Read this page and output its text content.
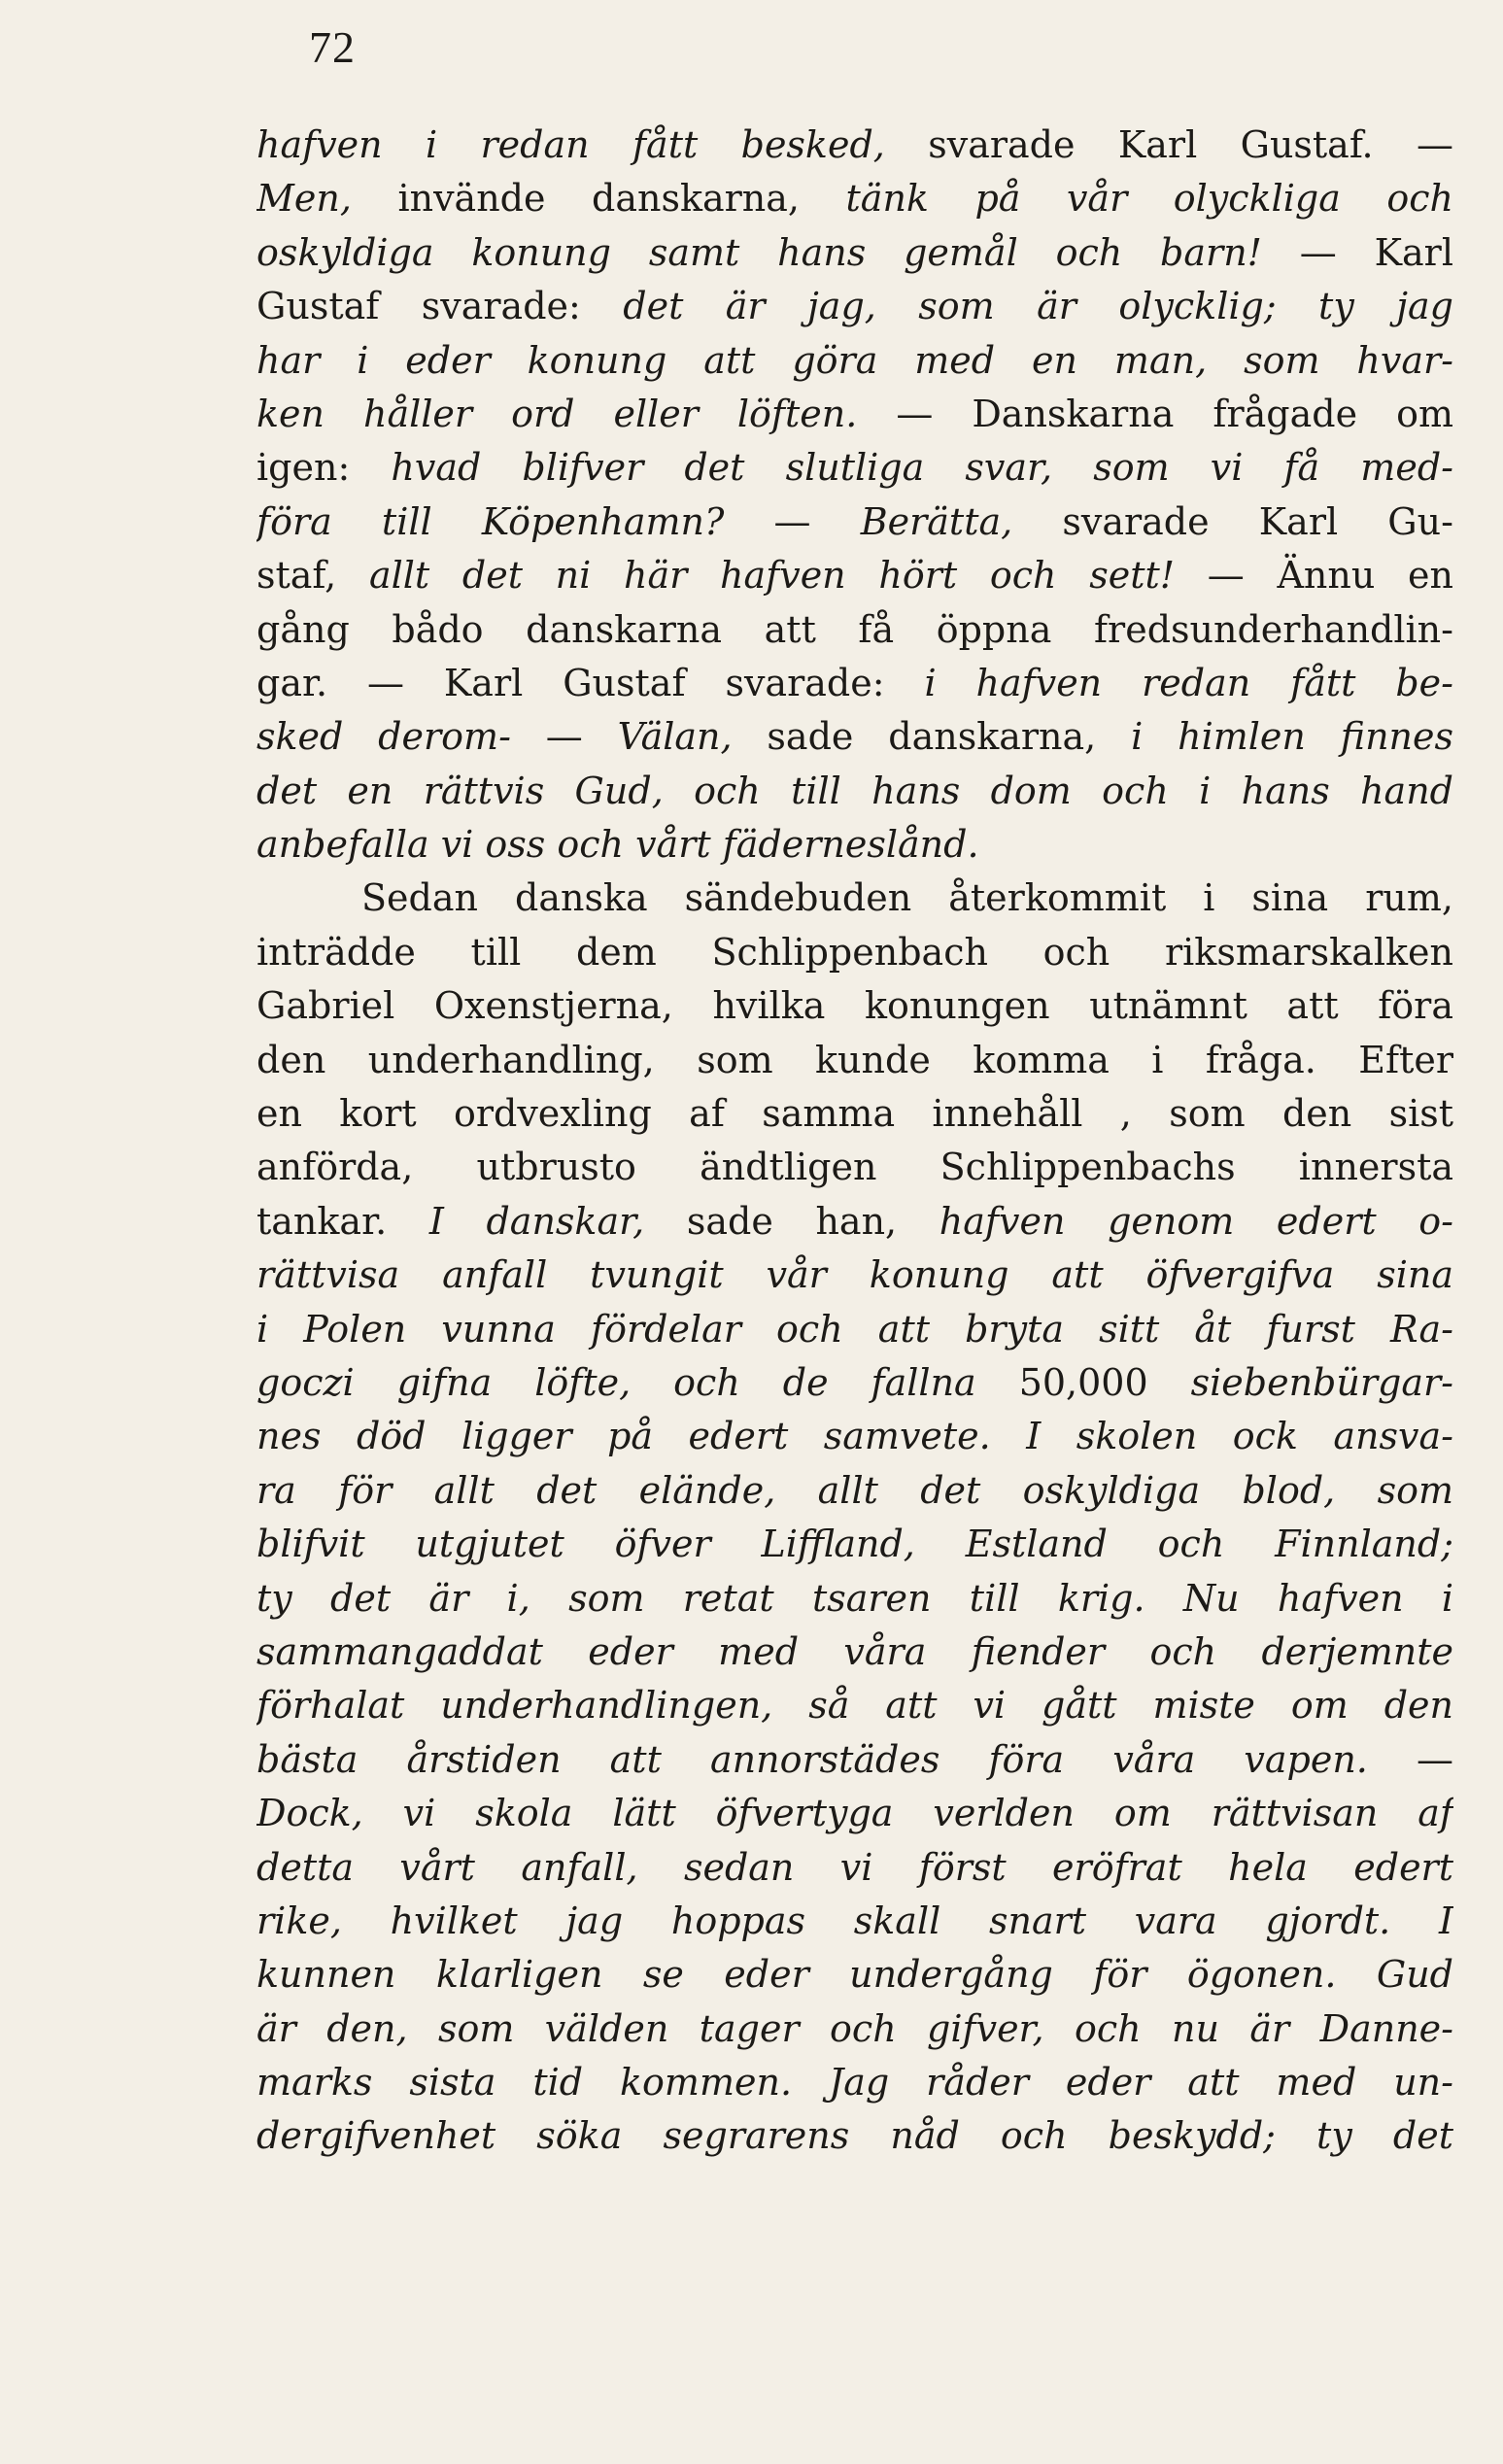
72
hafven i redan fått besked, svarade Karl Gustaf. —
Men, invände danskarna, tänk på vår olyckliga och
oskyldiga konung samt hans gemål och barn! — Karl
Gustaf svarade: det är jag, som är olycklig; ty jag
har i eder konung att göra med en man, som hvar-
ken håller ord eller löften. — Danskarna frågade om
igen: hvad blifver det slutliga svar, som vi få med-
föra till Köpenhamn? — Berätta, svarade Karl Gu-
staf, allt det ni här hafven hört och sett! — Ännu en
gång bådo danskarna att få öppna fredsunderhandlin-
gar. — Karl Gustaf svarade: i hafven redan fått be-
sked derom- — Välan, sade danskarna, i himlen finnes
det en rättvis Gud, och till hans dom och i hans hand
anbefalla vi oss och vårt fäderneslånd.
Sedan danska sändebuden återkommit i sina rum,
inträdde till dem Schlippenbach och riksmarskalken
Gabriel Oxenstjerna, hvilka konungen utnämnt att föra
den underhandling, som kunde komma i fråga. Efter
en kort ordvexling af samma innehåll , som den sist
anförda, utbrusto ändtligen Schlippenbachs innersta
tankar. I danskar, sade han, hafven genom edert o-
rättvisa anfall tvungit vår konung att öfvergifva sina
i Polen vunna fördelar och att bryta sitt åt furst Ra-
goczi gifna löfte, och de fallna 50,000 siebenbürgar-
nes död ligger på edert samvete. I skolen ock ansva-
ra för allt det elände, allt det oskyldiga blod, som
blifvit utgjutet öfver Liffland, Estland och Finnland;
ty det är i, som retat tsaren till krig. Nu hafven i
sammangaddat eder med våra fiender och derjemnte
förhalat underhandlingen, så att vi gått miste om den
bästa årstiden att annorstädes föra våra vapen. —
Dock, vi skola lätt öfvertyga verlden om rättvisan af
detta vårt anfall, sedan vi först eröfrat hela edert
rike, hvilket jag hoppas skall snart vara gjordt. I
kunnen klarligen se eder undergång för ögonen. Gud
är den, som välden tager och gifver, och nu är Danne-
marks sista tid kommen. Jag råder eder att med un-
dergifvenhet söka segrarens nåd och beskydd; ty det
